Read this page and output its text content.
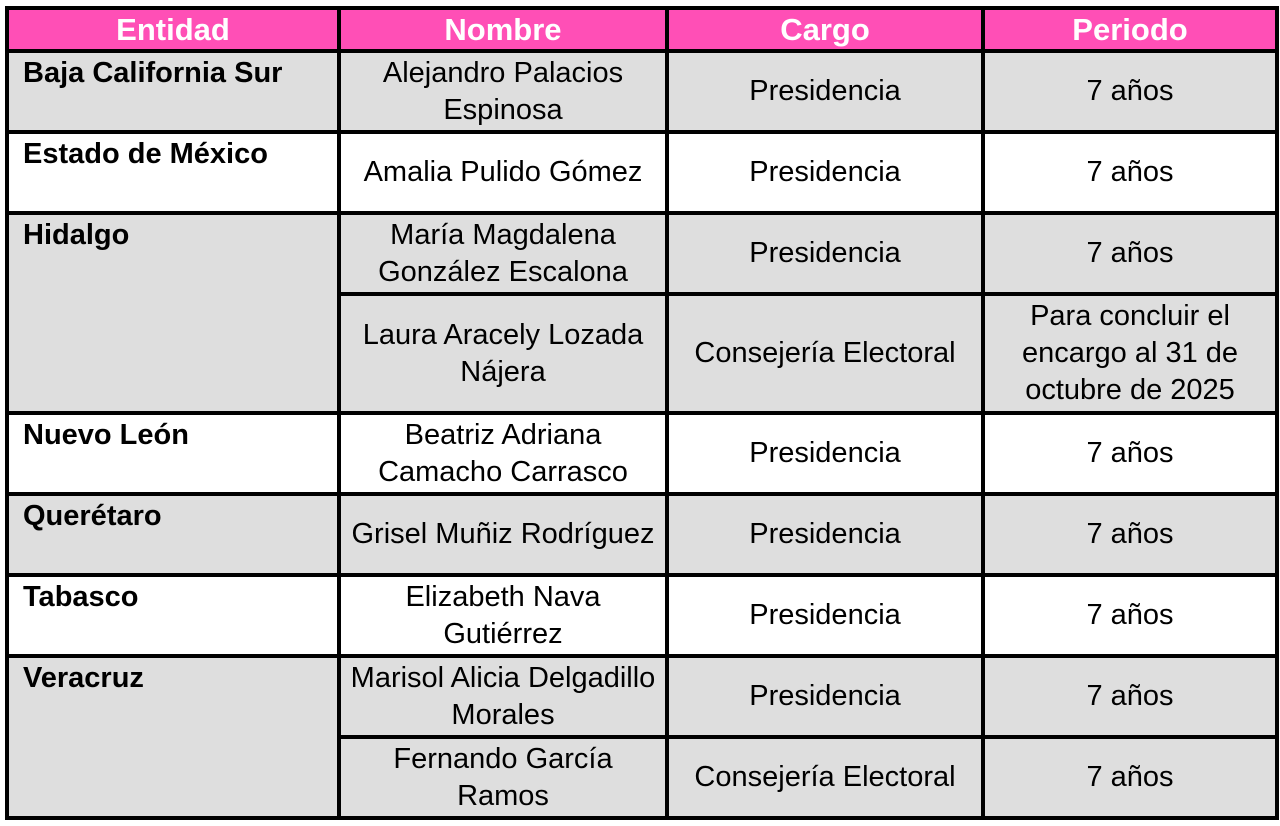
Entidad	Nombre	Cargo	Periodo
Baja California Sur	Alejandro Palacios Espinosa	Presidencia	7 años

Estado de México	Amalia Pulido Gómez	Presidencia	7 años

Hidalgo	María Magdalena González Escalona	Presidencia	7 años

	Laura Aracely Lozada Nájera	Consejería Electoral	Para concluir el encargo al 31 de octubre de 2025

Nuevo León	Beatriz Adriana Camacho Carrasco	Presidencia	7 años

Querétaro	Grisel Muñiz Rodríguez	Presidencia	7 años

Tabasco	Elizabeth Nava Gutiérrez	Presidencia	7 años

Veracruz	Marisol Alicia Delgadillo Morales	Presidencia	7 años

	Fernando García Ramos	Consejería Electoral	7 años
